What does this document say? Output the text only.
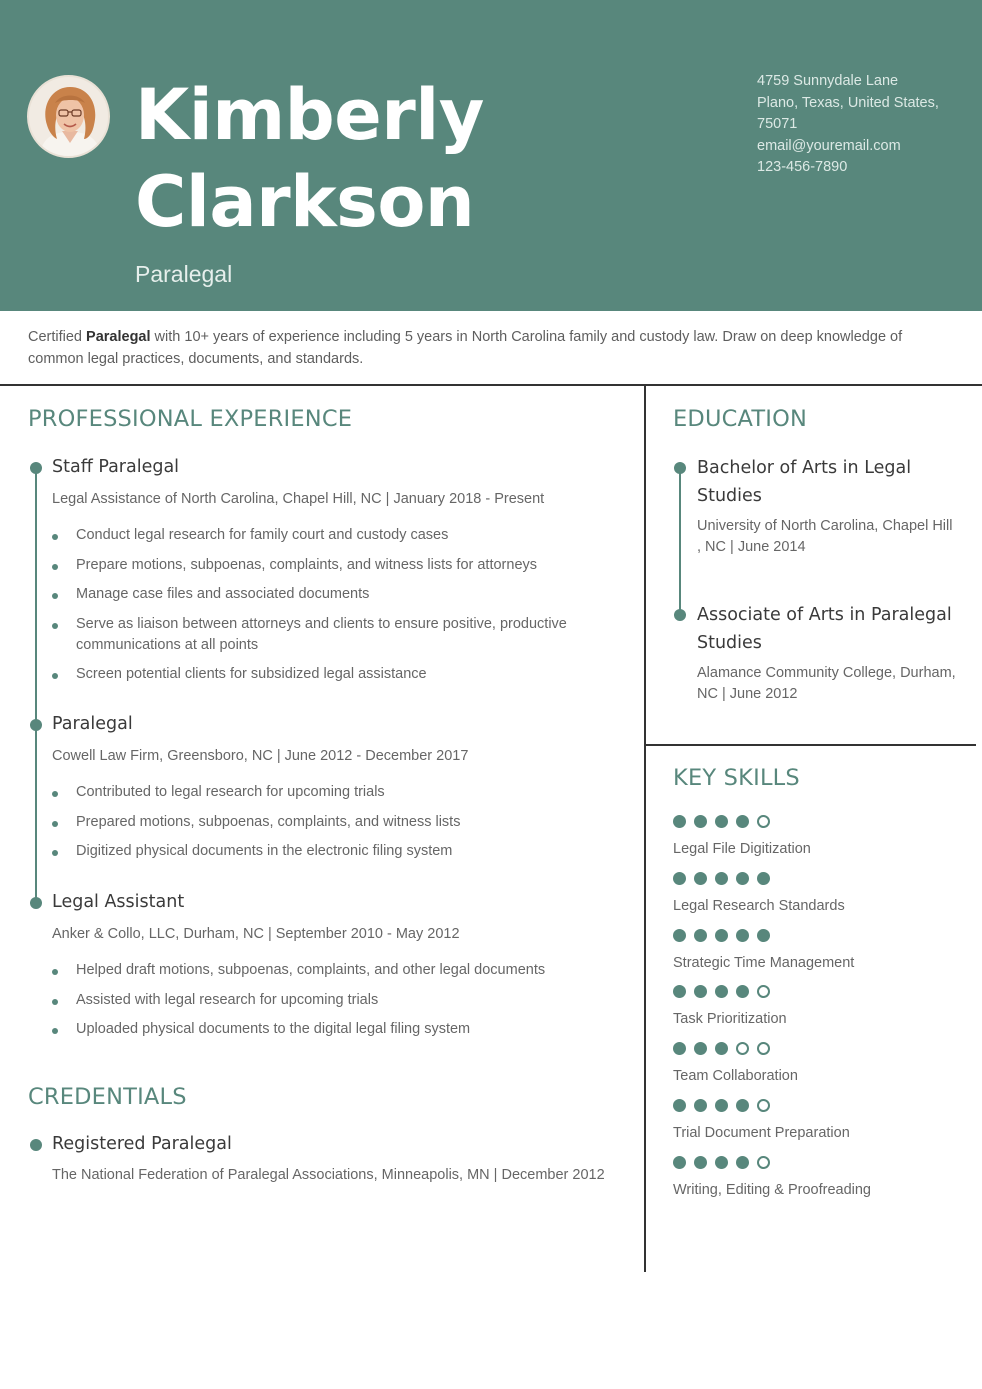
Kimberly
Clarkson
Paralegal
4759 Sunnydale Lane
Plano, Texas, United States,
75071
email@youremail.com
123-456-7890

Certified Paralegal with 10+ years of experience including 5 years in North Carolina family and custody law. Draw on deep knowledge of common legal practices, documents, and standards.

PROFESSIONAL EXPERIENCE
Staff Paralegal
Legal Assistance of North Carolina, Chapel Hill, NC | January 2018 - Present
Conduct legal research for family court and custody cases
Prepare motions, subpoenas, complaints, and witness lists for attorneys
Manage case files and associated documents
Serve as liaison between attorneys and clients to ensure positive, productive communications at all points
Screen potential clients for subsidized legal assistance
Paralegal
Cowell Law Firm, Greensboro, NC | June 2012 - December 2017
Contributed to legal research for upcoming trials
Prepared motions, subpoenas, complaints, and witness lists
Digitized physical documents in the electronic filing system
Legal Assistant
Anker & Collo, LLC, Durham, NC | September 2010 - May 2012
Helped draft motions, subpoenas, complaints, and other legal documents
Assisted with legal research for upcoming trials
Uploaded physical documents to the digital legal filing system
CREDENTIALS
Registered Paralegal
The National Federation of Paralegal Associations, Minneapolis, MN | December 2012
EDUCATION
Bachelor of Arts in Legal Studies
University of North Carolina, Chapel Hill , NC | June 2014
Associate of Arts in Paralegal Studies
Alamance Community College, Durham, NC | June 2012
KEY SKILLS
Legal File Digitization
Legal Research Standards
Strategic Time Management
Task Prioritization
Team Collaboration
Trial Document Preparation
Writing, Editing & Proofreading
